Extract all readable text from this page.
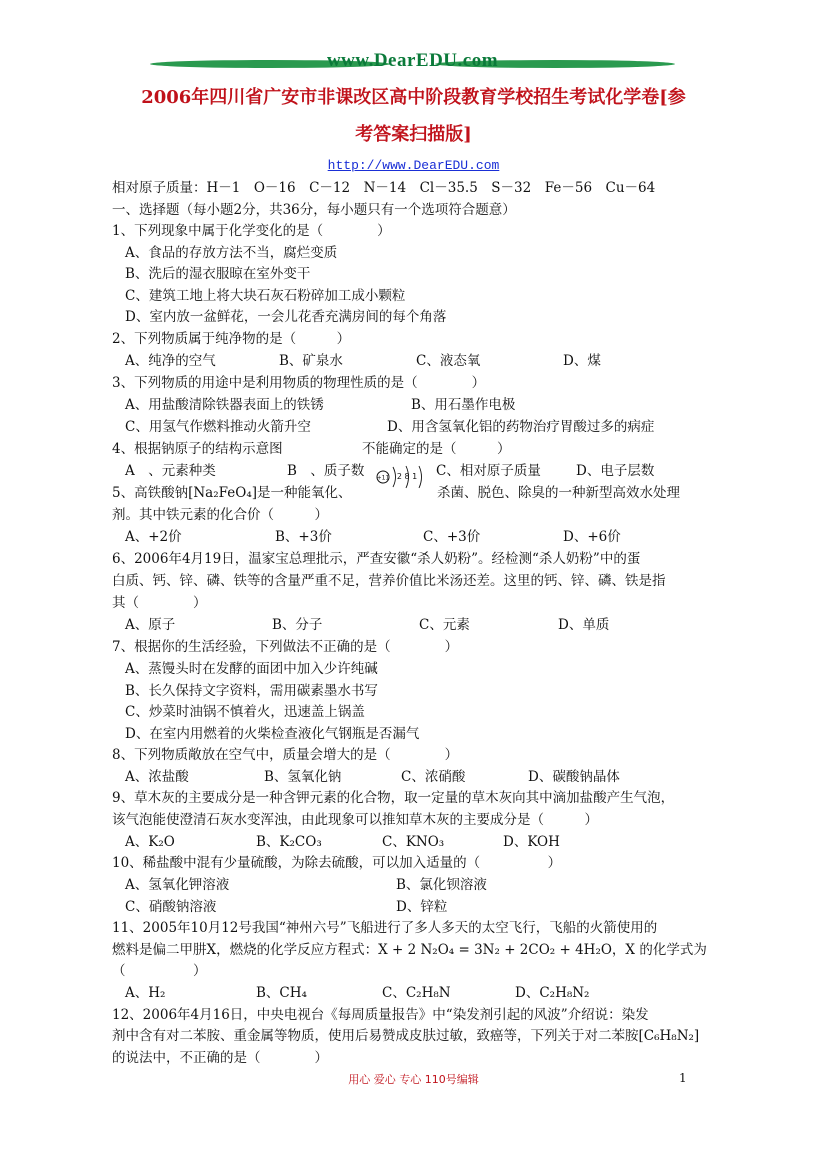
www.DearEDU.com
2006年四川省广安市非课改区高中阶段教育学校招生考试化学卷[参
考答案扫描版]
http://www.DearEDU.com
相对原子质量：H－1　O－16　C－12　N－14　Cl－35.5　S－32　Fe－56　Cu－64
一、选择题（每小题2分，共36分，每小题只有一个选项符合题意）
1、下列现象中属于化学变化的是（　　　　）
A、食品的存放方法不当，腐烂变质
B、洗后的湿衣服晾在室外变干
C、建筑工地上将大块石灰石粉碎加工成小颗粒
D、室内放一盆鲜花，一会儿花香充满房间的每个角落
2、下列物质属于纯净物的是（　　　）
A、纯净的空气	B、矿泉水	C、液态氧	D、煤
3、下列物质的用途中是利用物质的物理性质的是（　　　　）
A、用盐酸清除铁器表面上的铁锈	B、用石墨作电极
C、用氢气作燃料推动火箭升空	D、用含氢氧化铝的药物治疗胃酸过多的病症
4、根据钠原子的结构示意图	不能确定的是（　　　）
A　、元素种类	B　、质子数 +11 2 8 1 C、相对原子质量	D、电子层数
5、高铁酸钠[Na₂FeO₄]是一种能氧化、	杀菌、脱色、除臭的一种新型高效水处理
剂。其中铁元素的化合价（　　　）
A、+2价	B、+3价	C、+3价	D、+6价
6、2006年4月19日，温家宝总理批示，严查安徽“杀人奶粉”。经检测“杀人奶粉”中的蛋
白质、钙、锌、磷、铁等的含量严重不足，营养价值比米汤还差。这里的钙、锌、磷、铁是指
其（　　　　）
A、原子	B、分子	C、元素	D、单质
7、根据你的生活经验，下列做法不正确的是（　　　　）
A、蒸馒头时在发酵的面团中加入少许纯碱
B、长久保持文字资料，需用碳素墨水书写
C、炒菜时油锅不慎着火，迅速盖上锅盖
D、在室内用燃着的火柴检查液化气钢瓶是否漏气
8、下列物质敞放在空气中，质量会增大的是（　　　　）
A、浓盐酸	B、氢氧化钠	C、浓硝酸	D、碳酸钠晶体
9、草木灰的主要成分是一种含钾元素的化合物，取一定量的草木灰向其中滴加盐酸产生气泡，
该气泡能使澄清石灰水变浑浊，由此现象可以推知草木灰的主要成分是（　　　）
A、K₂O	B、K₂CO₃	C、KNO₃	D、KOH
10、稀盐酸中混有少量硫酸，为除去硫酸，可以加入适量的（　　　　　）
A、氢氧化钾溶液	B、氯化钡溶液
C、硝酸钠溶液	D、锌粒
11、2005年10月12号我国“神州六号”飞船进行了多人多天的太空飞行，飞船的火箭使用的
燃料是偏二甲肼X，燃烧的化学反应方程式：X + 2 N₂O₄ = 3N₂ + 2CO₂ + 4H₂O，X 的化学式为
（　　　　　）
A、H₂	B、CH₄	C、C₂H₈N	D、C₂H₈N₂
12、2006年4月16日，中央电视台《每周质量报告》中“染发剂引起的风波”介绍说：染发
剂中含有对二苯胺、重金属等物质，使用后易赞成皮肤过敏，致癌等，下列关于对二苯胺[C₆H₈N₂]
的说法中，不正确的是（　　　　）
用心 爱心 专心 110号编辑	1
